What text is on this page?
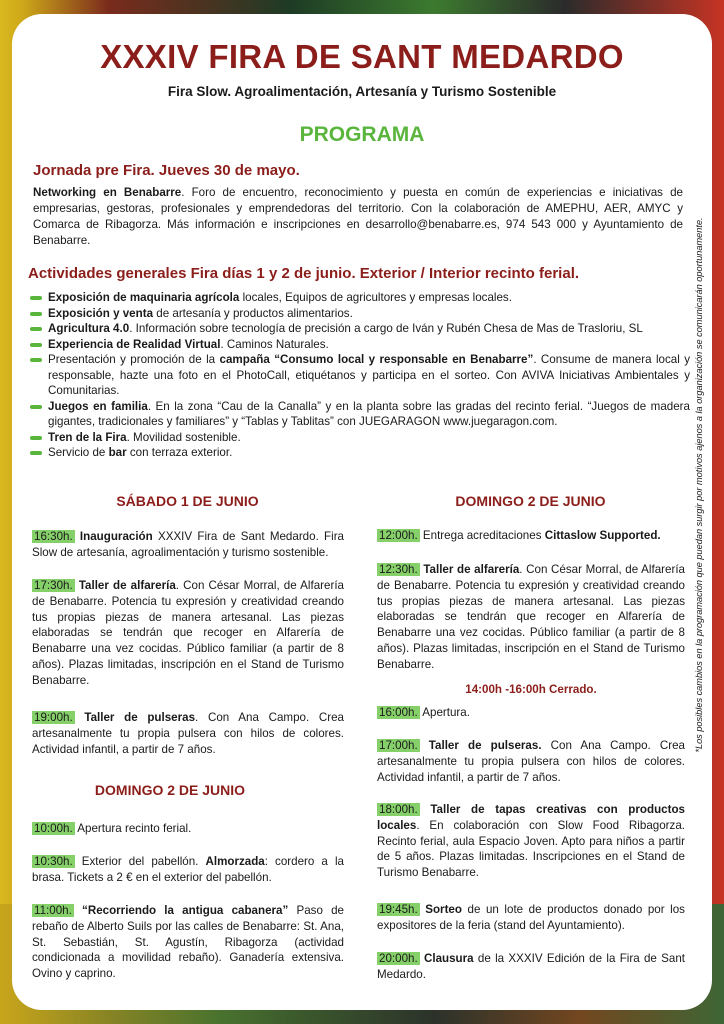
XXXIV FIRA DE SANT MEDARDO
Fira Slow. Agroalimentación, Artesanía y Turismo Sostenible
PROGRAMA
Jornada pre Fira. Jueves 30 de mayo.
Networking en Benabarre. Foro de encuentro, reconocimiento y puesta en común de experiencias e iniciativas de empresarias, gestoras, profesionales y emprendedoras del territorio. Con la colaboración de AMEPHU, AER, AMYC y Comarca de Ribagorza. Más información e inscripciones en desarrollo@benabarre.es, 974 543 000 y Ayuntamiento de Benabarre.
Actividades generales Fira días 1 y 2 de junio. Exterior / Interior recinto ferial.
Exposición de maquinaria agrícola locales, Equipos de agricultores y empresas locales.
Exposición y venta de artesanía y productos alimentarios.
Agricultura 4.0. Información sobre tecnología de precisión a cargo de Iván y Rubén Chesa de Mas de Trasloriu, SL
Experiencia de Realidad Virtual. Caminos Naturales.
Presentación y promoción de la campaña “Consumo local y responsable en Benabarre”. Consume de manera local y responsable, hazte una foto en el PhotoCall, etiquétanos y participa en el sorteo. Con AVIVA Iniciativas Ambientales y Comunitarias.
Juegos en familia. En la zona “Cau de la Canalla” y en la planta sobre las gradas del recinto ferial. “Juegos de madera gigantes, tradicionales y familiares” y “Tablas y Tablitas” con JUEGARAGON www.juegaragon.com.
Tren de la Fira. Movilidad sostenible.
Servicio de bar con terraza exterior.
SÁBADO 1 DE JUNIO
16:30h. Inauguración XXXIV Fira de Sant Medardo. Fira Slow de artesanía, agroalimentación y turismo sostenible.
17:30h. Taller de alfarería. Con César Morral, de Alfarería de Benabarre. Potencia tu expresión y creatividad creando tus propias piezas de manera artesanal. Las piezas elaboradas se tendrán que recoger en Alfarería de Benabarre una vez cocidas. Público familiar (a partir de 8 años). Plazas limitadas, inscripción en el Stand de Turismo Benabarre.
19:00h. Taller de pulseras. Con Ana Campo. Crea artesanalmente tu propia pulsera con hilos de colores. Actividad infantil, a partir de 7 años.
DOMINGO 2 DE JUNIO
10:00h. Apertura recinto ferial.
10:30h. Exterior del pabellón. Almorzada: cordero a la brasa. Tickets a 2 € en el exterior del pabellón.
11:00h. “Recorriendo la antigua cabanera” Paso de rebaño de Alberto Suils por las calles de Benabarre: St. Ana, St. Sebastián, St. Agustín, Ribagorza (actividad condicionada a movilidad rebaño). Ganadería extensiva. Ovino y caprino.
DOMINGO 2 DE JUNIO
12:00h. Entrega acreditaciones Cittaslow Supported.
12:30h. Taller de alfarería. Con César Morral, de Alfarería de Benabarre. Potencia tu expresión y creatividad creando tus propias piezas de manera artesanal. Las piezas elaboradas se tendrán que recoger en Alfarería de Benabarre una vez cocidas. Público familiar (a partir de 8 años). Plazas limitadas, inscripción en el Stand de Turismo Benabarre.
14:00h -16:00h Cerrado.
16:00h. Apertura.
17:00h. Taller de pulseras. Con Ana Campo. Crea artesanalmente tu propia pulsera con hilos de colores. Actividad infantil, a partir de 7 años.
18:00h. Taller de tapas creativas con productos locales. En colaboración con Slow Food Ribagorza. Recinto ferial, aula Espacio Joven. Apto para niños a partir de 5 años. Plazas limitadas. Inscripciones en el Stand de Turismo Benabarre.
19:45h. Sorteo de un lote de productos donado por los expositores de la feria (stand del Ayuntamiento).
20:00h. Clausura de la XXXIV Edición de la Fira de Sant Medardo.
*Los posibles cambios en la programación que puedan surgir por motivos ajenos a la organización se comunicarán oportunamente.
